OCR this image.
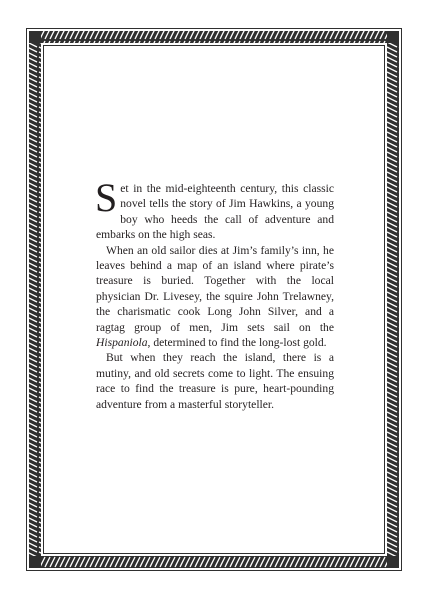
Set in the mid-eighteenth century, this classic novel tells the story of Jim Hawkins, a young boy who heeds the call of adventure and embarks on the high seas.

When an old sailor dies at Jim’s family’s inn, he leaves behind a map of an island where pirate’s treasure is buried. Together with the local physician Dr. Livesey, the squire John Trelawney, the charismatic cook Long John Silver, and a ragtag group of men, Jim sets sail on the Hispaniola, determined to find the long-lost gold.

But when they reach the island, there is a mutiny, and old secrets come to light. The ensuing race to find the treasure is pure, heart-pounding adventure from a masterful storyteller.
